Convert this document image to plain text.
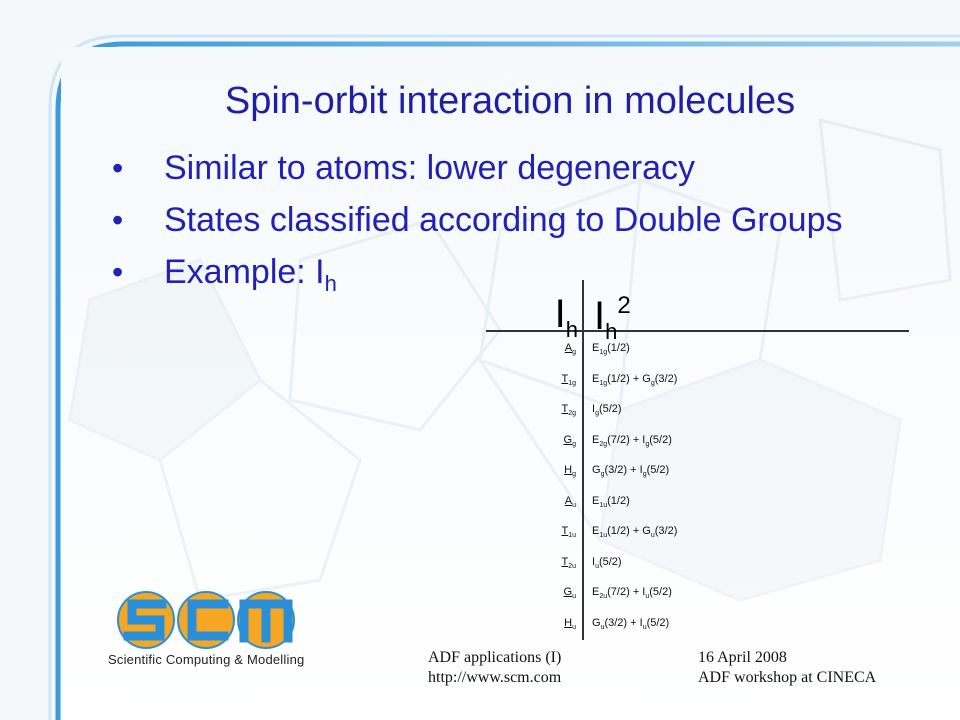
Spin-orbit interaction in molecules
• Similar to atoms: lower degeneracy
• States classified according to Double Groups
• Example: $I_h$
$I_h$ $I_h^2$
$A_g$ $E_{1g}(1/2)$
$T_{1g}$ $E_{1g}(1/2) + G_g(3/2)$
$T_{2g}$ $I_g(5/2)$
$G_g$ $E_{2g}(7/2) + I_g(5/2)$
$H_g$ $G_g(3/2) + I_g(5/2)$
$A_u$ $E_{1u}(1/2)$
$T_{1u}$ $E_{1u}(1/2) + G_u(3/2)$
$T_{2u}$ $I_u(5/2)$
$G_u$ $E_{2u}(7/2) + I_u(5/2)$
$H_u$ $G_u(3/2) + I_u(5/2)$
Scientific Computing & Modelling	ADF applications (I)
http://www.scm.com
16 April 2008
ADF workshop at CINECA
